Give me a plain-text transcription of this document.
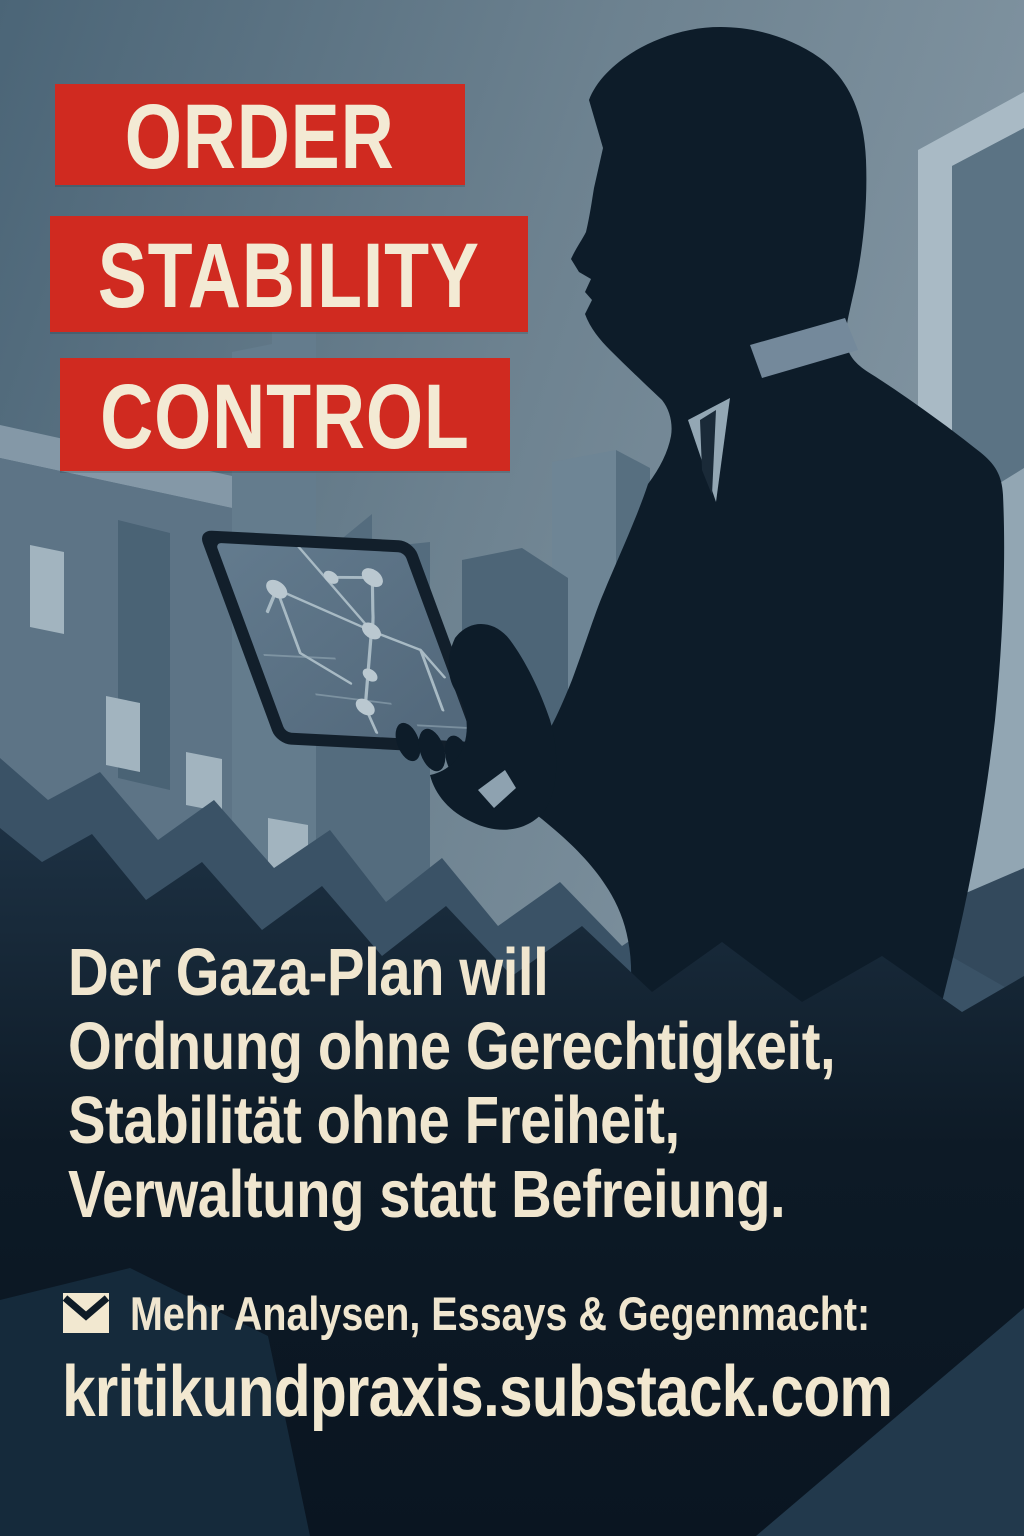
ORDER
STABILITY
CONTROL
Der Gaza-Plan will
Ordnung ohne Gerechtigkeit,
Stabilität ohne Freiheit,
Verwaltung statt Befreiung.
Mehr Analysen, Essays & Gegenmacht:
kritikundpraxis.substack.com
